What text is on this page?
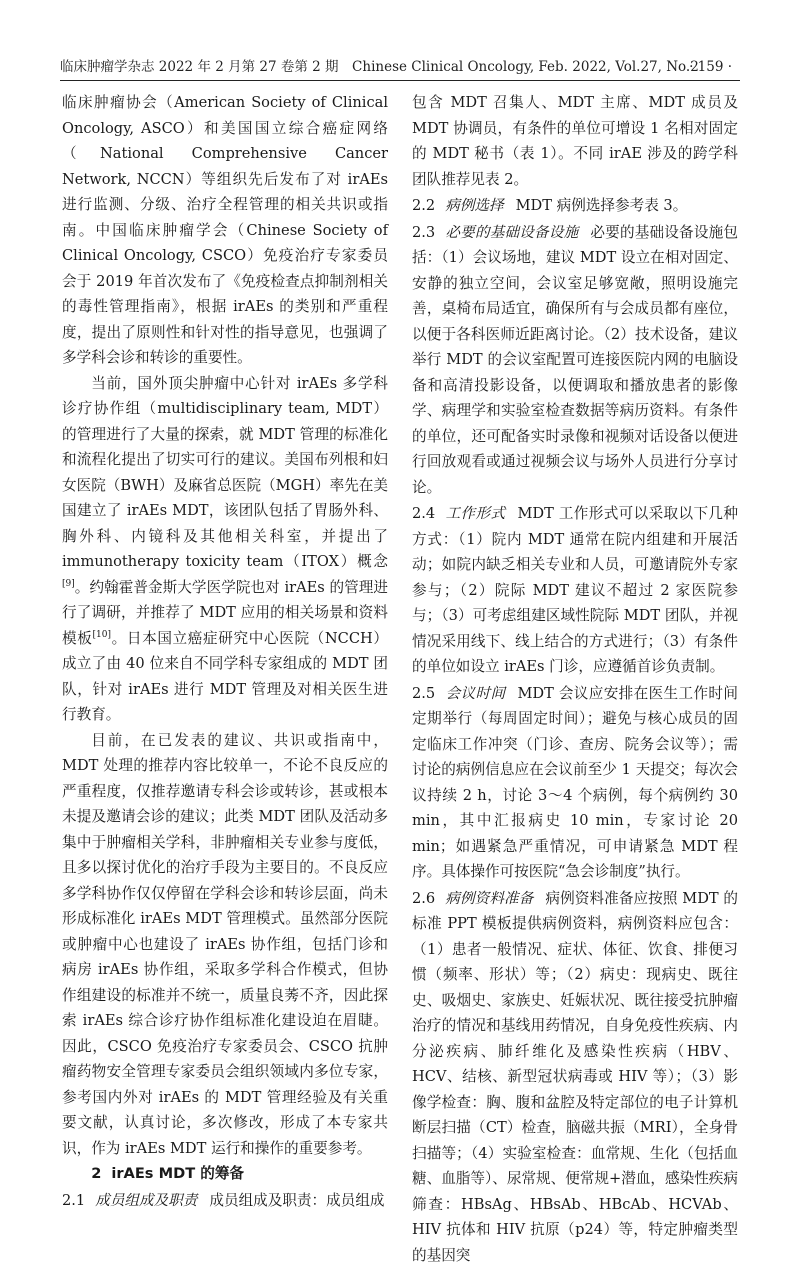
临床肿瘤学杂志 2022 年 2 月第 27 卷第 2 期　Chinese Clinical Oncology, Feb. 2022, Vol.27, No.2
· 159 ·

临床肿瘤协会（American Society of Clinical Oncology, ASCO）和美国国立综合癌症网络（National Comprehensive Cancer Network, NCCN）等组织先后发布了对 irAEs 进行监测、分级、治疗全程管理的相关共识或指南。中国临床肿瘤学会（Chinese Society of Clinical Oncology, CSCO）免疫治疗专家委员会于 2019 年首次发布了《免疫检查点抑制剂相关的毒性管理指南》，根据 irAEs 的类别和严重程度，提出了原则性和针对性的指导意见，也强调了多学科会诊和转诊的重要性。

当前，国外顶尖肿瘤中心针对 irAEs 多学科诊疗协作组（multidisciplinary team, MDT）的管理进行了大量的探索，就 MDT 管理的标准化和流程化提出了切实可行的建议。美国布列根和妇女医院（BWH）及麻省总医院（MGH）率先在美国建立了 irAEs MDT，该团队包括了胃肠外科、胸外科、内镜科及其他相关科室，并提出了 immunotherapy toxicity team（ITOX）概念[9]。约翰霍普金斯大学医学院也对 irAEs 的管理进行了调研，并推荐了 MDT 应用的相关场景和资料模板[10]。日本国立癌症研究中心医院（NCCH）成立了由 40 位来自不同学科专家组成的 MDT 团队，针对 irAEs 进行 MDT 管理及对相关医生进行教育。

目前，在已发表的建议、共识或指南中，MDT 处理的推荐内容比较单一，不论不良反应的严重程度，仅推荐邀请专科会诊或转诊，甚或根本未提及邀请会诊的建议；此类 MDT 团队及活动多集中于肿瘤相关学科，非肿瘤相关专业参与度低，且多以探讨优化的治疗手段为主要目的。不良反应多学科协作仅仅停留在学科会诊和转诊层面，尚未形成标准化 irAEs MDT 管理模式。虽然部分医院或肿瘤中心也建设了 irAEs 协作组，包括门诊和病房 irAEs 协作组，采取多学科合作模式，但协作组建设的标准并不统一，质量良莠不齐，因此探索 irAEs 综合诊疗协作组标准化建设迫在眉睫。因此，CSCO 免疫治疗专家委员会、CSCO 抗肿瘤药物安全管理专家委员会组织领域内多位专家，参考国内外对 irAEs 的 MDT 管理经验及有关重要文献，认真讨论，多次修改，形成了本专家共识，作为 irAEs MDT 运行和操作的重要参考。

2 irAEs MDT 的筹备

2.1 成员组成及职责 成员组成及职责：成员组成

包含 MDT 召集人、MDT 主席、MDT 成员及 MDT 协调员，有条件的单位可增设 1 名相对固定的 MDT 秘书（表 1）。不同 irAE 涉及的跨学科团队推荐见表 2。

2.2 病例选择 MDT 病例选择参考表 3。

2.3 必要的基础设备设施 必要的基础设备设施包括：（1）会议场地，建议 MDT 设立在相对固定、安静的独立空间，会议室足够宽敞，照明设施完善，桌椅布局适宜，确保所有与会成员都有座位，以便于各科医师近距离讨论。（2）技术设备，建议举行 MDT 的会议室配置可连接医院内网的电脑设备和高清投影设备，以便调取和播放患者的影像学、病理学和实验室检查数据等病历资料。有条件的单位，还可配备实时录像和视频对话设备以便进行回放观看或通过视频会议与场外人员进行分享讨论。

2.4 工作形式 MDT 工作形式可以采取以下几种方式：（1）院内 MDT 通常在院内组建和开展活动；如院内缺乏相关专业和人员，可邀请院外专家参与；（2）院际 MDT 建议不超过 2 家医院参与；（3）可考虑组建区域性院际 MDT 团队，并视情况采用线下、线上结合的方式进行；（3）有条件的单位如设立 irAEs 门诊，应遵循首诊负责制。

2.5 会议时间 MDT 会议应安排在医生工作时间定期举行（每周固定时间）；避免与核心成员的固定临床工作冲突（门诊、查房、院务会议等）；需讨论的病例信息应在会议前至少 1 天提交；每次会议持续 2 h，讨论 3～4 个病例，每个病例约 30 min，其中汇报病史 10 min，专家讨论 20 min；如遇紧急严重情况，可申请紧急 MDT 程序。具体操作可按医院“急会诊制度”执行。

2.6 病例资料准备 病例资料准备应按照 MDT 的标准 PPT 模板提供病例资料，病例资料应包含：（1）患者一般情况、症状、体征、饮食、排便习惯（频率、形状）等；（2）病史：现病史、既往史、吸烟史、家族史、妊娠状况、既往接受抗肿瘤治疗的情况和基线用药情况，自身免疫性疾病、内分泌疾病、肺纤维化及感染性疾病（HBV、HCV、结核、新型冠状病毒或 HIV 等）；（3）影像学检查：胸、腹和盆腔及特定部位的电子计算机断层扫描（CT）检查，脑磁共振（MRI），全身骨扫描等；（4）实验室检查：血常规、生化（包括血糖、血脂等）、尿常规、便常规+潜血，感染性疾病筛查：HBsAg、HBsAb、HBcAb、HCVAb、HIV 抗体和 HIV 抗原（p24）等，特定肿瘤类型的基因突
